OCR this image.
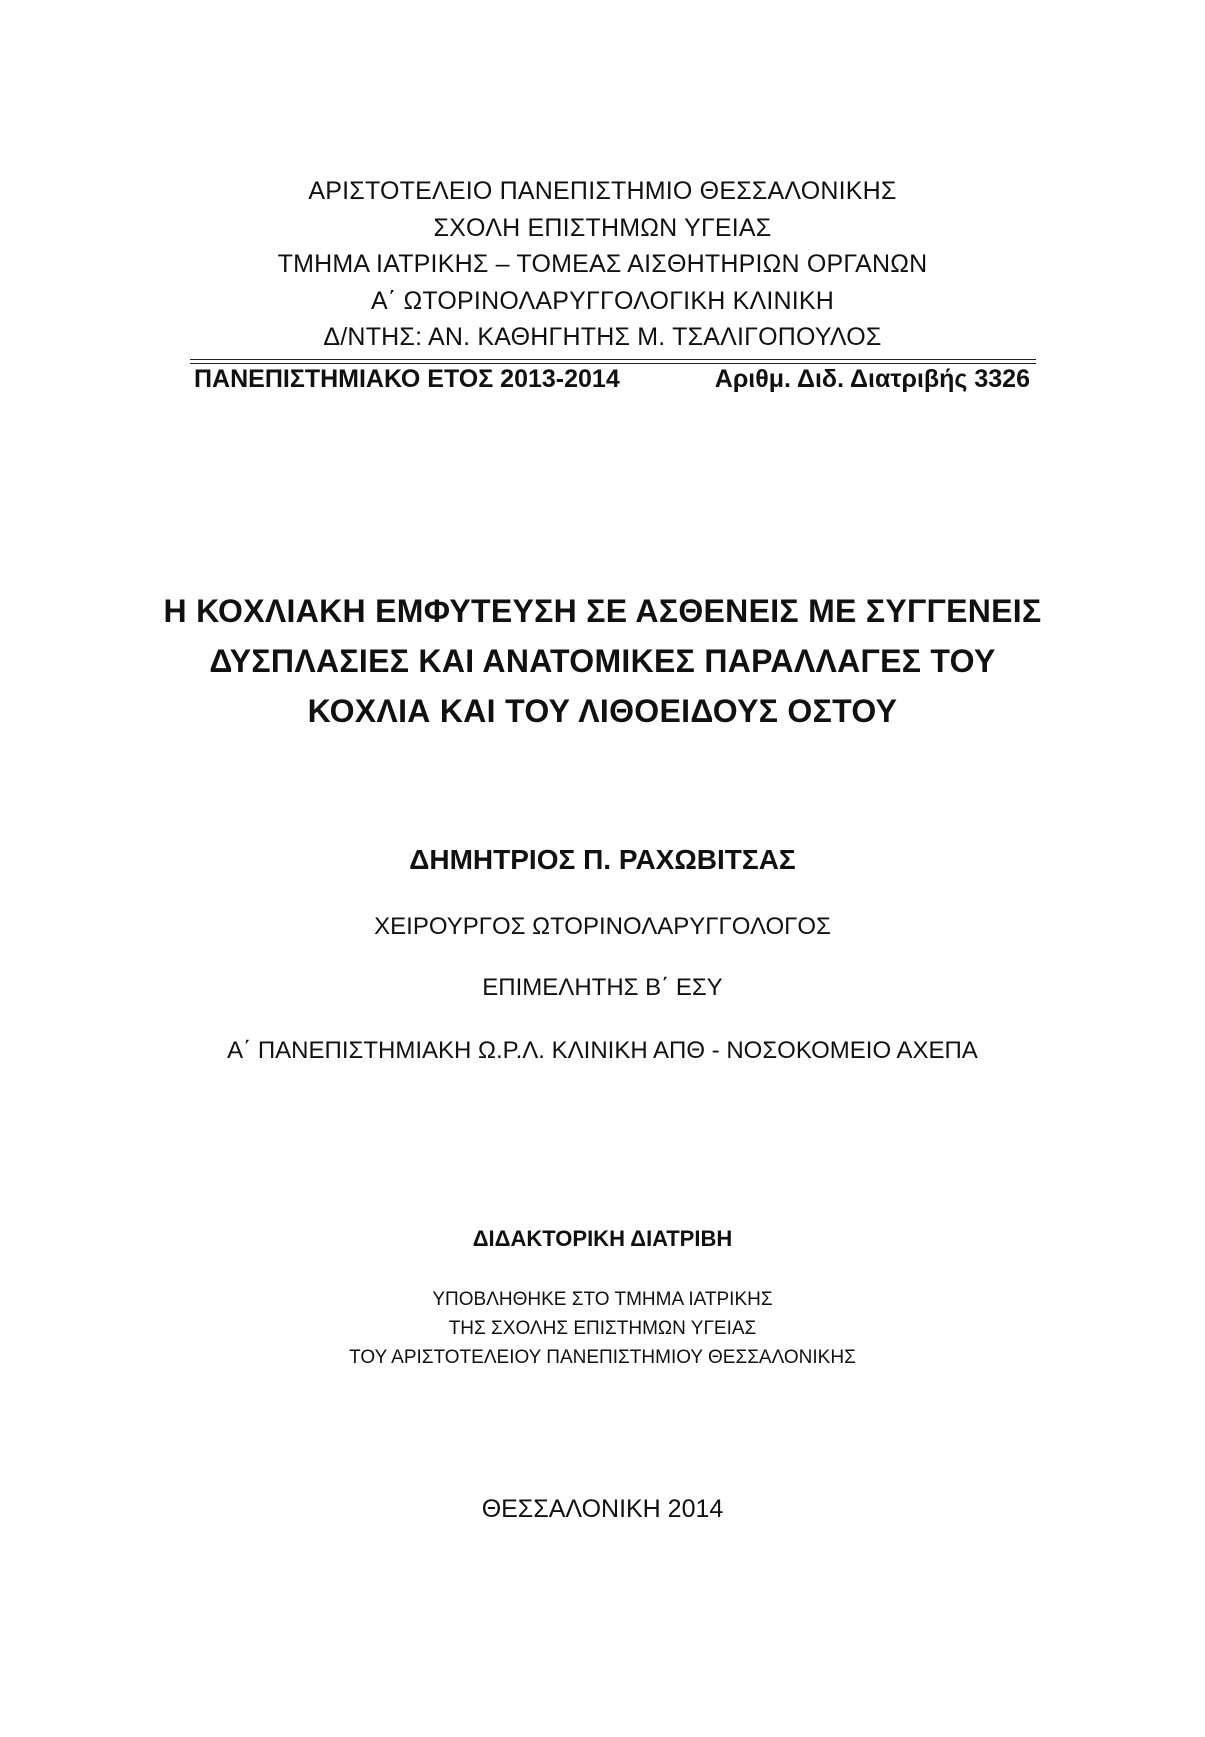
ΑΡΙΣΤΟΤΕΛΕΙΟ ΠΑΝΕΠΙΣΤΗΜΙΟ ΘΕΣΣΑΛΟΝΙΚΗΣ
ΣΧΟΛΗ ΕΠΙΣΤΗΜΩΝ ΥΓΕΙΑΣ
ΤΜΗΜΑ ΙΑΤΡΙΚΗΣ – ΤΟΜΕΑΣ ΑΙΣΘΗΤΗΡΙΩΝ ΟΡΓΑΝΩΝ
Α΄ ΩΤΟΡΙΝΟΛΑΡΥΓΓΟΛΟΓΙΚΗ ΚΛΙΝΙΚΗ
Δ/ΝΤΗΣ: ΑΝ. ΚΑΘΗΓΗΤΗΣ Μ. ΤΣΑΛΙΓΟΠΟΥΛΟΣ
ΠΑΝΕΠΙΣΤΗΜΙΑΚΟ ΕΤΟΣ 2013-2014	Αριθμ. Διδ. Διατριβής 3326
Η ΚΟΧΛΙΑΚΗ ΕΜΦΥΤΕΥΣΗ ΣΕ ΑΣΘΕΝΕΙΣ ΜΕ ΣΥΓΓΕΝΕΙΣ
ΔΥΣΠΛΑΣΙΕΣ ΚΑΙ ΑΝΑΤΟΜΙΚΕΣ ΠΑΡΑΛΛΑΓΕΣ ΤΟΥ
ΚΟΧΛΙΑ ΚΑΙ ΤΟΥ ΛΙΘΟΕΙΔΟΥΣ ΟΣΤΟΥ
ΔΗΜΗΤΡΙΟΣ Π. ΡΑΧΩΒΙΤΣΑΣ
ΧΕΙΡΟΥΡΓΟΣ ΩΤΟΡΙΝΟΛΑΡΥΓΓΟΛΟΓΟΣ
ΕΠΙΜΕΛΗΤΗΣ Β΄ ΕΣΥ
Α΄ ΠΑΝΕΠΙΣΤΗΜΙΑΚΗ Ω.Ρ.Λ. ΚΛΙΝΙΚΗ ΑΠΘ - ΝΟΣΟΚΟΜΕΙΟ ΑΧΕΠΑ
ΔΙΔΑΚΤΟΡΙΚΗ ΔΙΑΤΡΙΒΗ
ΥΠΟΒΛΗΘΗΚΕ ΣΤΟ ΤΜΗΜΑ ΙΑΤΡΙΚΗΣ
ΤΗΣ ΣΧΟΛΗΣ ΕΠΙΣΤΗΜΩΝ ΥΓΕΙΑΣ
ΤΟΥ ΑΡΙΣΤΟΤΕΛΕΙΟΥ ΠΑΝΕΠΙΣΤΗΜΙΟΥ ΘΕΣΣΑΛΟΝΙΚΗΣ
ΘΕΣΣΑΛΟΝΙΚΗ 2014
